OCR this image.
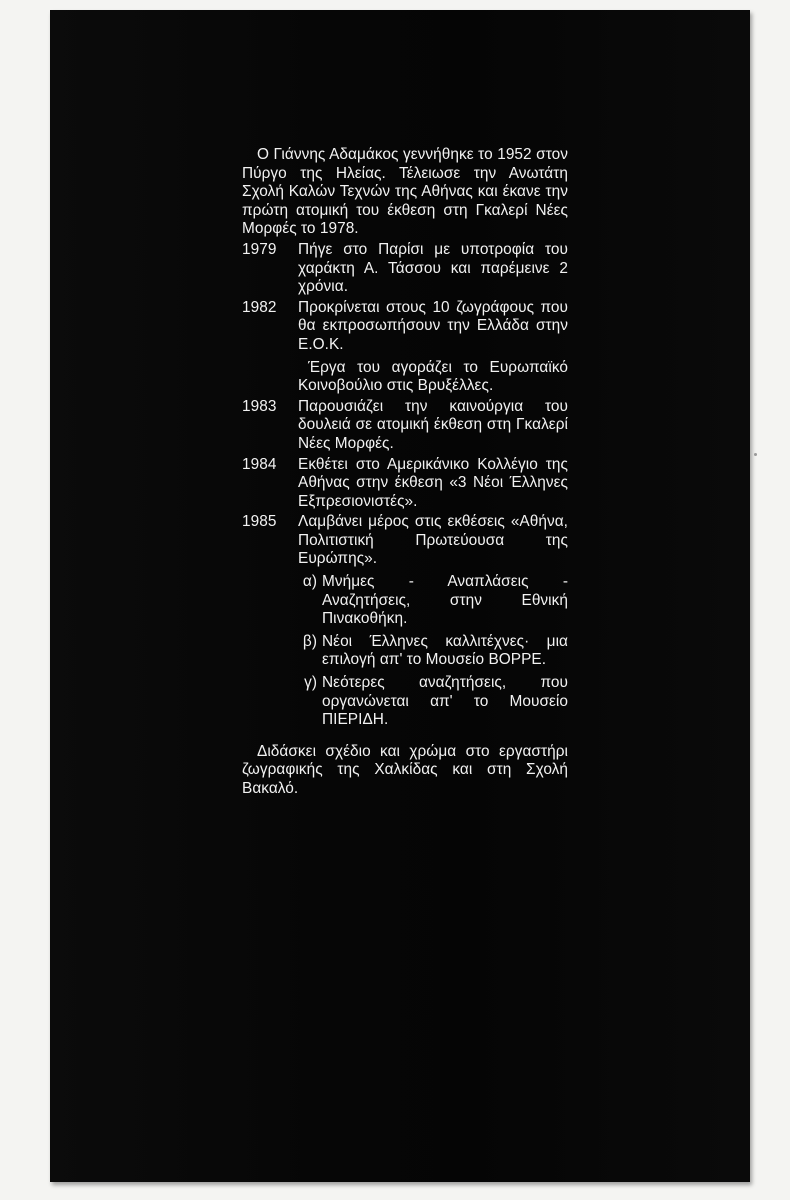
Ο Γιάννης Αδαμάκος γεννήθηκε το 1952 στον Πύργο της Ηλείας. Τέλειωσε την Ανωτάτη Σχολή Καλών Τεχνών της Αθήνας και έκανε την πρώτη ατομική του έκθεση στη Γκαλερί Νέες Μορφές το 1978.

1979	Πήγε στο Παρίσι με υποτροφία του χαράκτη Α. Τάσσου και παρέμεινε 2 χρόνια.

1982	Προκρίνεται στους 10 ζωγράφους που θα εκπροσωπήσουν την Ελλάδα στην Ε.Ο.Κ.

Έργα του αγοράζει το Ευρωπαϊκό Κοινοβούλιο στις Βρυξέλλες.

1983	Παρουσιάζει την καινούργια του δουλειά σε ατομική έκθεση στη Γκαλερί Νέες Μορφές.

1984	Εκθέτει στο Αμερικάνικο Κολλέγιο της Αθήνας στην έκθεση «3 Νέοι Έλληνες Εξπρεσιονιστές».

1985	Λαμβάνει μέρος στις εκθέσεις «Αθήνα, Πολιτιστική Πρωτεύουσα της Ευρώπης».

α) Μνήμες - Αναπλάσεις - Αναζητήσεις, στην Εθνική Πινακοθήκη.
β) Νέοι Έλληνες καλλιτέχνες· μια επιλογή απ' το Μουσείο ΒΟΡΡΕ.
γ) Νεότερες αναζητήσεις, που οργανώνεται απ' το Μουσείο ΠΙΕΡΙΔΗ.

Διδάσκει σχέδιο και χρώμα στο εργαστήρι ζωγραφικής της Χαλκίδας και στη Σχολή Βακαλό.
